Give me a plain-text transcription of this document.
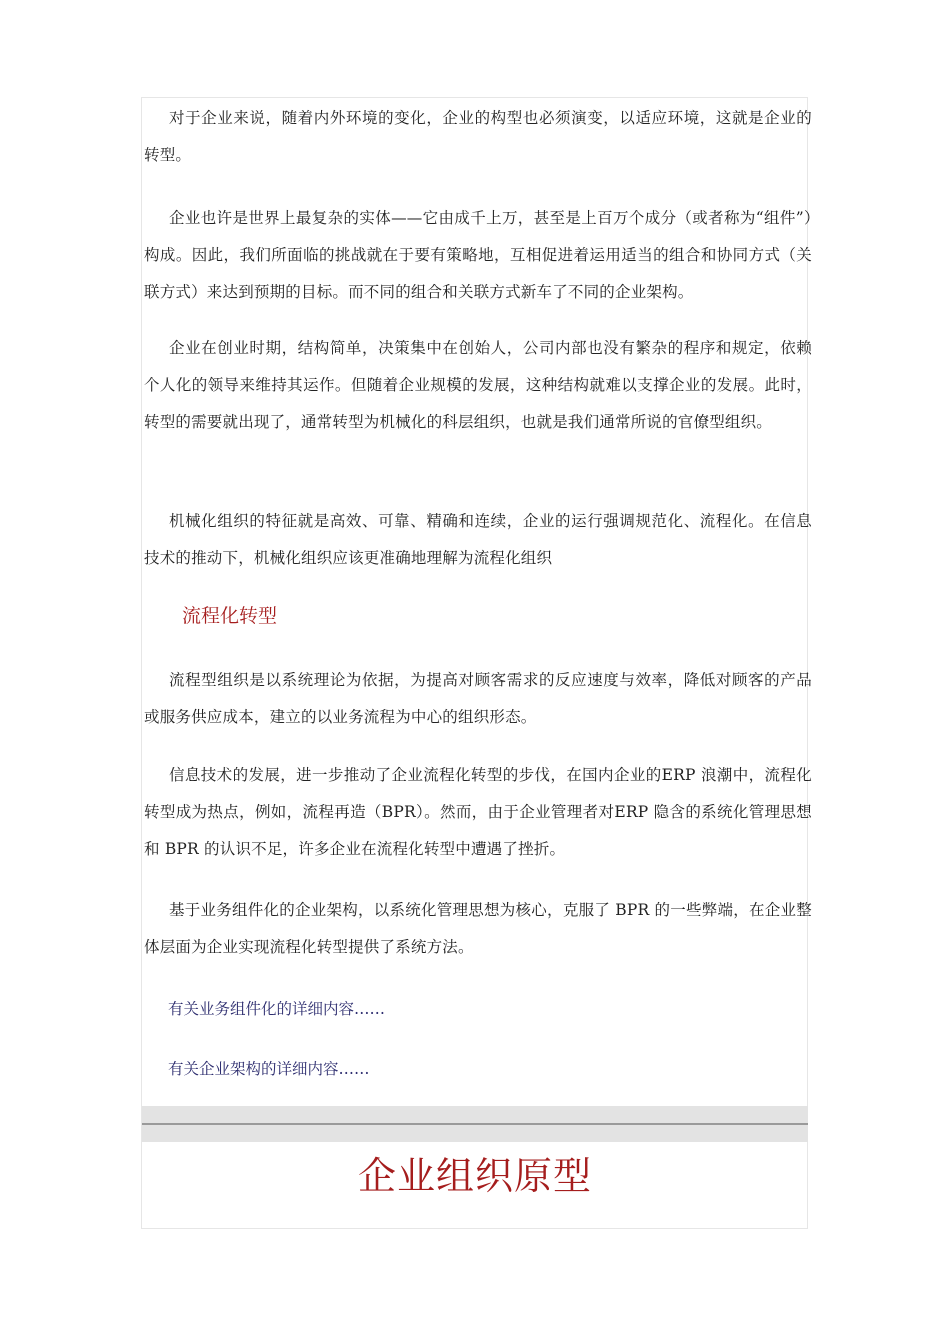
对于企业来说，随着内外环境的变化，企业的构型也必须演变，以适应环境，这就是企业的转型。

企业也许是世界上最复杂的实体——它由成千上万，甚至是上百万个成分（或者称为“组件”）构成。因此，我们所面临的挑战就在于要有策略地，互相促进着运用适当的组合和协同方式（关联方式）来达到预期的目标。而不同的组合和关联方式新车了不同的企业架构。

企业在创业时期，结构简单，决策集中在创始人，公司内部也没有繁杂的程序和规定，依赖个人化的领导来维持其运作。但随着企业规模的发展，这种结构就难以支撑企业的发展。此时，转型的需要就出现了，通常转型为机械化的科层组织，也就是我们通常所说的官僚型组织。

机械化组织的特征就是高效、可靠、精确和连续，企业的运行强调规范化、流程化。在信息技术的推动下，机械化组织应该更准确地理解为流程化组织

流程化转型

流程型组织是以系统理论为依据，为提高对顾客需求的反应速度与效率，降低对顾客的产品或服务供应成本，建立的以业务流程为中心的组织形态。

信息技术的发展，进一步推动了企业流程化转型的步伐，在国内企业的ERP 浪潮中，流程化转型成为热点，例如，流程再造（BPR）。然而，由于企业管理者对ERP 隐含的系统化管理思想和 BPR 的认识不足，许多企业在流程化转型中遭遇了挫折。

基于业务组件化的企业架构，以系统化管理思想为核心，克服了 BPR 的一些弊端，在企业整体层面为企业实现流程化转型提供了系统方法。

有关业务组件化的详细内容……
有关企业架构的详细内容……
企业组织原型
